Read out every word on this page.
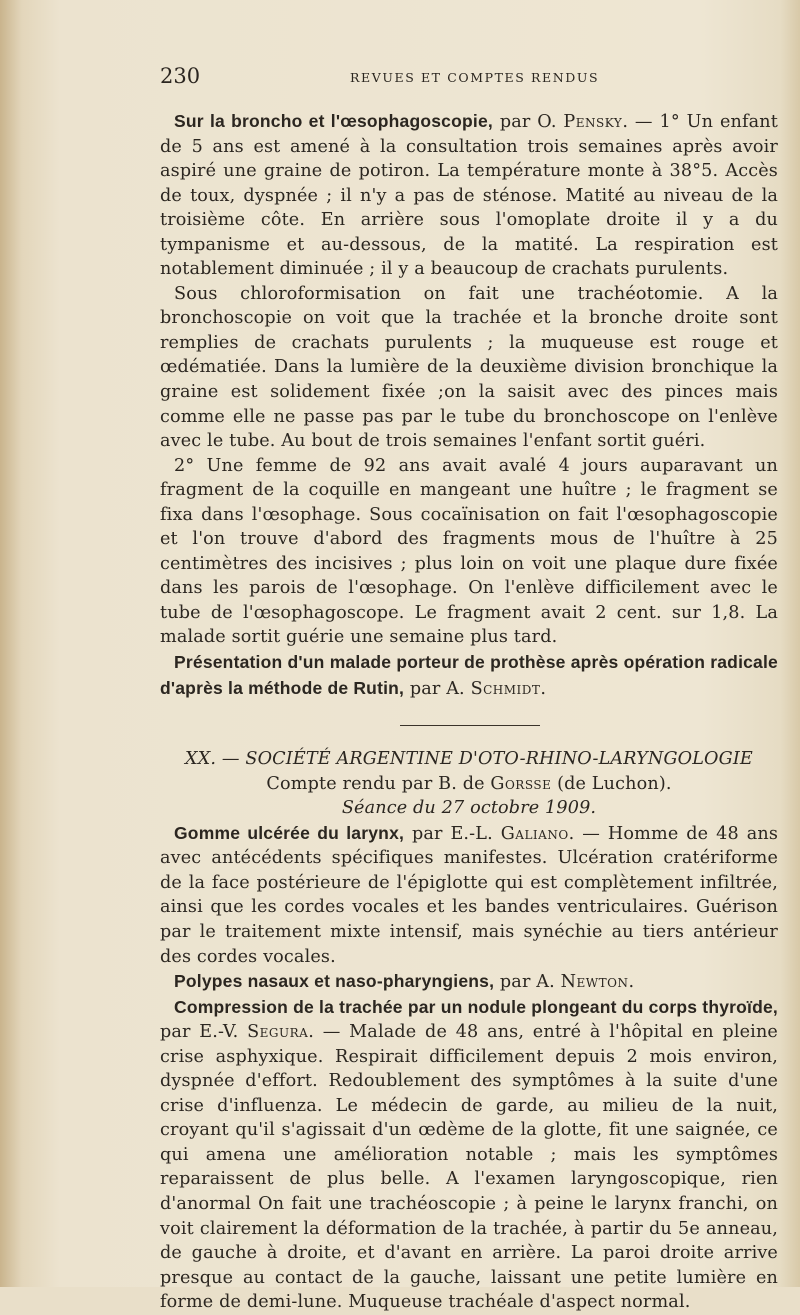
230	REVUES ET COMPTES RENDUS

Sur la broncho et l'œsophagoscopie, par O. Pensky. — 1° Un enfant de 5 ans est amené à la consultation trois semaines après avoir aspiré une graine de potiron. La température monte à 38°5. Accès de toux, dyspnée ; il n'y a pas de sténose. Matité au niveau de la troisième côte. En arrière sous l'omoplate droite il y a du tympanisme et au-dessous, de la matité. La respiration est notablement diminuée ; il y a beaucoup de crachats purulents.

Sous chloroformisation on fait une trachéotomie. A la bronchoscopie on voit que la trachée et la bronche droite sont remplies de crachats purulents ; la muqueuse est rouge et œdématiée. Dans la lumière de la deuxième division bronchique la graine est solidement fixée ;on la saisit avec des pinces mais comme elle ne passe pas par le tube du bronchoscope on l'enlève avec le tube. Au bout de trois semaines l'enfant sortit guéri.

2° Une femme de 92 ans avait avalé 4 jours auparavant un fragment de la coquille en mangeant une huître ; le fragment se fixa dans l'œsophage. Sous cocaïnisation on fait l'œsophagoscopie et l'on trouve d'abord des fragments mous de l'huître à 25 centimètres des incisives ; plus loin on voit une plaque dure fixée dans les parois de l'œsophage. On l'enlève difficilement avec le tube de l'œsophagoscope. Le fragment avait 2 cent. sur 1,8. La malade sortit guérie une semaine plus tard.

Présentation d'un malade porteur de prothèse après opération radicale d'après la méthode de Rutin, par A. Schmidt.

XX. — SOCIÉTÉ ARGENTINE D'OTO-RHINO-LARYNGOLOGIE

Compte rendu par B. de Gorsse (de Luchon).

Séance du 27 octobre 1909.

Gomme ulcérée du larynx, par E.-L. Galiano. — Homme de 48 ans avec antécédents spécifiques manifestes. Ulcération cratériforme de la face postérieure de l'épiglotte qui est complètement infiltrée, ainsi que les cordes vocales et les bandes ventriculaires. Guérison par le traitement mixte intensif, mais synéchie au tiers antérieur des cordes vocales.

Polypes nasaux et naso-pharyngiens, par A. Newton.

Compression de la trachée par un nodule plongeant du corps thyroïde, par E.-V. Segura. — Malade de 48 ans, entré à l'hôpital en pleine crise asphyxique. Respirait difficilement depuis 2 mois environ, dyspnée d'effort. Redoublement des symptômes à la suite d'une crise d'influenza. Le médecin de garde, au milieu de la nuit, croyant qu'il s'agissait d'un œdème de la glotte, fit une saignée, ce qui amena une amélioration notable ; mais les symptômes reparaissent de plus belle. A l'examen laryngoscopique, rien d'anormal On fait une trachéoscopie ; à peine le larynx franchi, on voit clairement la déformation de la trachée, à partir du 5e anneau, de gauche à droite, et d'avant en arrière. La paroi droite arrive presque au contact de la gauche, laissant une petite lumière en forme de demi-lune. Muqueuse trachéale d'aspect normal.
